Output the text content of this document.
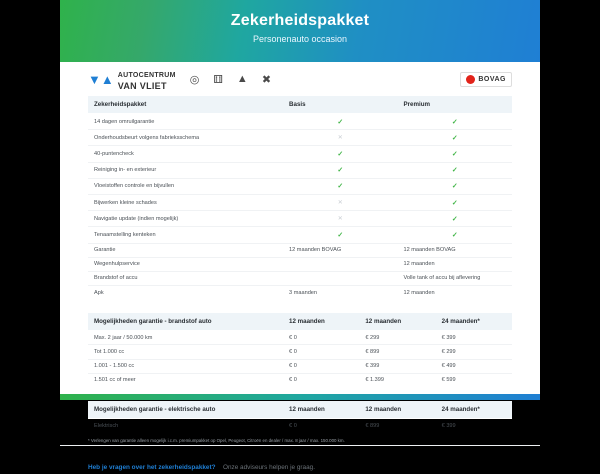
Zekerheidspakket
Personenauto occasion
▼▲ AUTOCENTRUM
VAN VLIET	◎ ⚅ ▲ ✖	BOVAG
Zekerheidspakket	Basis	Premium
14 dagen omruilgarantie	✓	✓
Onderhoudsbeurt volgens fabrieksschema	✕	✓
40-puntencheck	✓	✓
Reiniging in- en exterieur	✓	✓
Vloeistoffen controle en bijvullen	✓	✓
Bijwerken kleine schades	✕	✓
Navigatie update (indien mogelijk)	✕	✓
Tenaamstelling kenteken	✓	✓
Garantie	12 maanden BOVAG	12 maanden BOVAG
Wegenhulpservice		12 maanden
Brandstof of accu		Volle tank of accu bij aflevering
Apk	3 maanden	12 maanden
Mogelijkheden garantie - brandstof auto	12 maanden	12 maanden	24 maanden*
Max. 2 jaar / 50.000 km	€ 0	€ 299	€ 399
Tot 1.000 cc	€ 0	€ 899	€ 299
1.001 - 1.500 cc	€ 0	€ 399	€ 499
1.501 cc of meer	€ 0	€ 1.399	€ 599
Mogelijkheden garantie - elektrische auto	12 maanden	12 maanden	24 maanden*
Elektrisch	€ 0	€ 899	€ 399
* Verlengen van garantie alleen mogelijk i.c.m. premiumpakket op Opel, Peugeot, Citroën en dealer / max. 8 jaar / max. 150.000 km.
Heb je vragen over het zekerheidspakket? Onze adviseurs helpen je graag.
